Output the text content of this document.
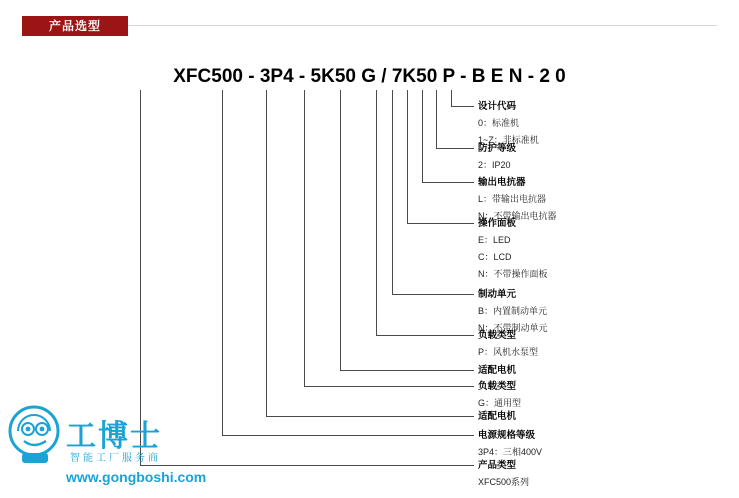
产品选型
XFC500 - 3P4 - 5K50 G / 7K50 P - B E N - 2 0
设计代码
0：标准机
1~Z：非标准机
防护等级
2：IP20
输出电抗器
L：带输出电抗器
N：不带输出电抗器
操作面板
E：LED
C：LCD
N：不带操作面板
制动单元
B：内置制动单元
N：不带制动单元
负载类型
P：风机水泵型
适配电机
负载类型
G：通用型
适配电机
电源规格等级
3P4：三相400V
产品类型
XFC500系列
工博士
智能工厂服务商
www.gongboshi.com
